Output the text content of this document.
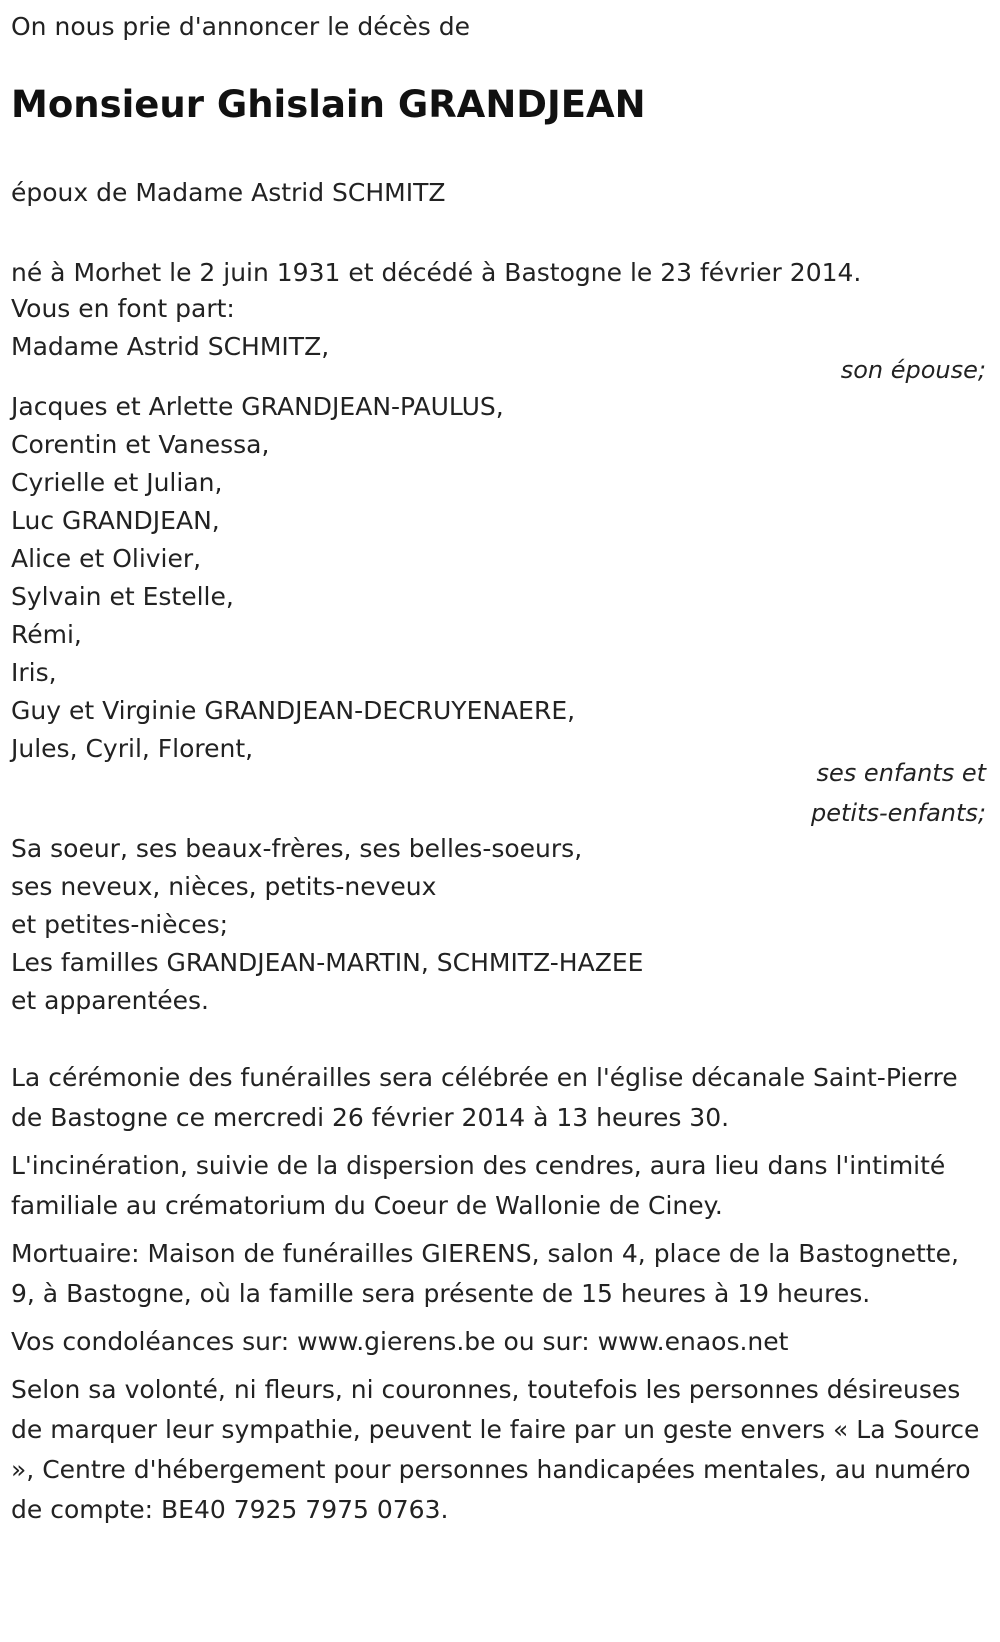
On nous prie d'annoncer le décès de

Monsieur Ghislain GRANDJEAN

époux de Madame Astrid SCHMITZ

né à Morhet le 2 juin 1931 et décédé à Bastogne le 23 février 2014.

Vous en font part:

Madame Astrid SCHMITZ,

son épouse;

Jacques et Arlette GRANDJEAN-PAULUS,

Corentin et Vanessa,

Cyrielle et Julian,

Luc GRANDJEAN,

Alice et Olivier,

Sylvain et Estelle,

Rémi,

Iris,

Guy et Virginie GRANDJEAN-DECRUYENAERE,

Jules, Cyril, Florent,

ses enfants et
petits-enfants;

Sa soeur, ses beaux-frères, ses belles-soeurs,

ses neveux, nièces, petits-neveux

et petites-nièces;

Les familles GRANDJEAN-MARTIN, SCHMITZ-HAZEE

et apparentées.

La cérémonie des funérailles sera célébrée en l'église décanale Saint-Pierre de Bastogne ce mercredi 26 février 2014 à 13 heures 30.

L'incinération, suivie de la dispersion des cendres, aura lieu dans l'intimité familiale au crématorium du Coeur de Wallonie de Ciney.

Mortuaire: Maison de funérailles GIERENS, salon 4, place de la Bastognette, 9, à Bastogne, où la famille sera présente de 15 heures à 19 heures.

Vos condoléances sur: www.gierens.be ou sur: www.enaos.net

Selon sa volonté, ni fleurs, ni couronnes, toutefois les personnes désireuses de marquer leur sympathie, peuvent le faire par un geste envers « La Source », Centre d'hébergement pour personnes handicapées mentales, au numéro de compte: BE40 7925 7975 0763.
